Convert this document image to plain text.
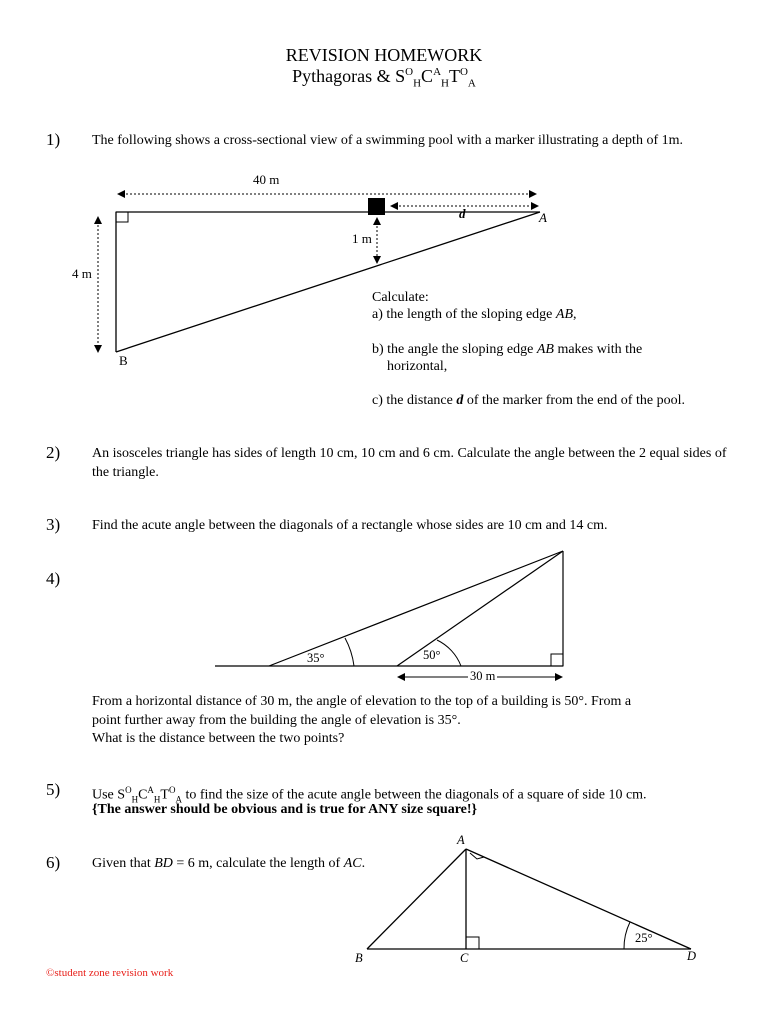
REVISION HOMEWORK
Pythagoras & $S^O_HC^A_HT^O_A$
1) The following shows a cross-sectional view of a swimming pool with a marker illustrating a depth of 1m.
40 m
4 m
1 m
d	A
B
Calculate:
a) the length of the sloping edge AB,
b) the angle the sloping edge AB makes with the
horizontal,
c) the distance d of the marker from the end of the pool.
2) An isosceles triangle has sides of length 10 cm, 10 cm and 6 cm. Calculate the angle between the 2 equal sides of the triangle.
3) Find the acute angle between the diagonals of a rectangle whose sides are 10 cm and 14 cm.
4)
35°	50°
30 m
From a horizontal distance of 30 m, the angle of elevation to the top of a building is 50°. From a
point further away from the building the angle of elevation is 35°.
What is the distance between the two points?
5) Use $S^O_HC^A_HT^O_A$ to find the size of the acute angle between the diagonals of a square of side 10 cm.
{The answer should be obvious and is true for ANY size square!}
6) Given that BD = 6 m, calculate the length of AC.
A
B	C	D
25°
©student zone revision work
